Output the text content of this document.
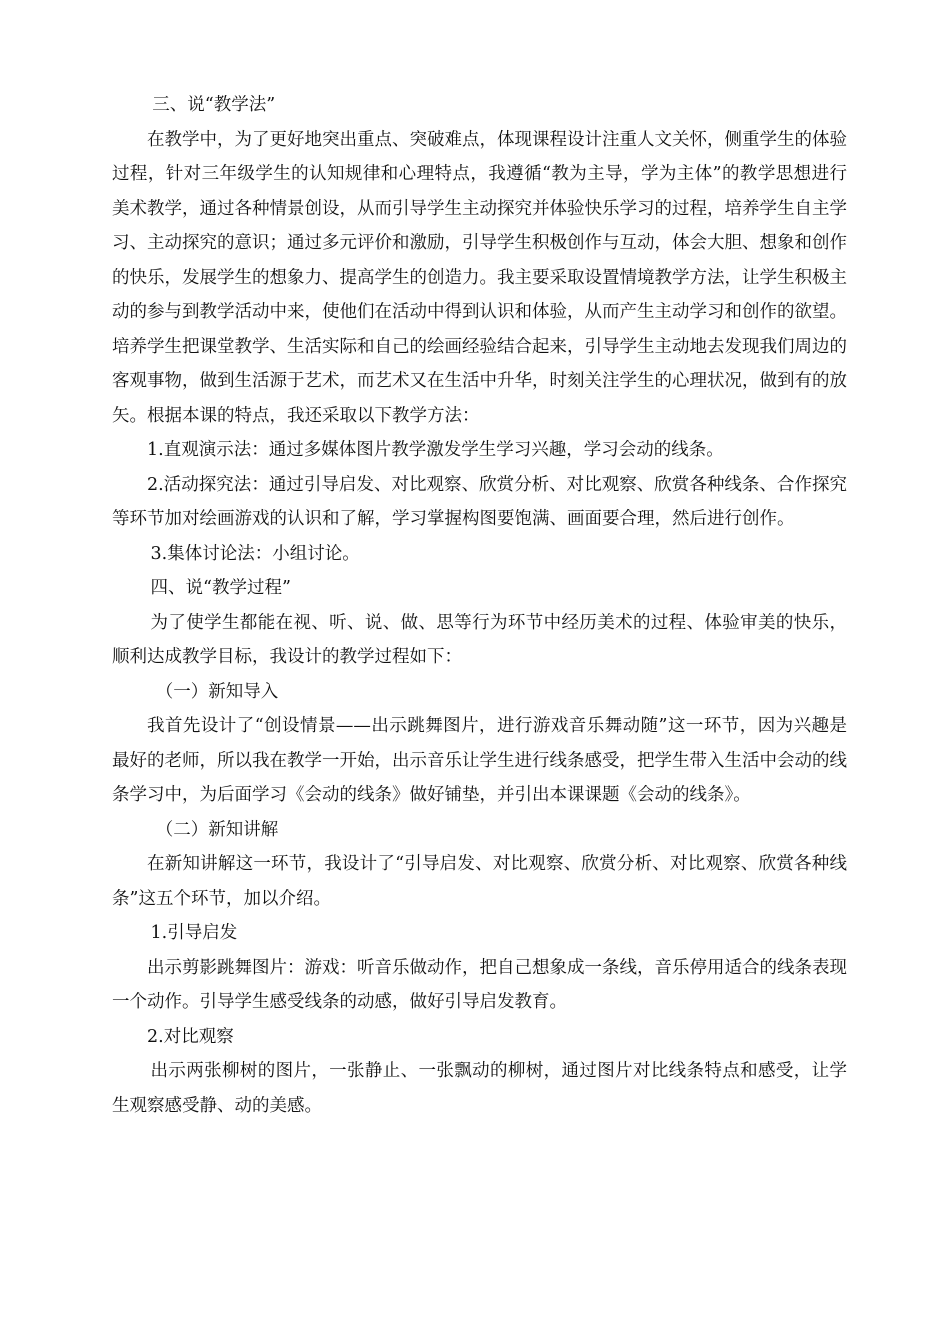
三、说“教学法”

在教学中，为了更好地突出重点、突破难点，体现课程设计注重人文关怀，侧重学生的体验过程，针对三年级学生的认知规律和心理特点，我遵循“教为主导，学为主体”的教学思想进行美术教学，通过各种情景创设，从而引导学生主动探究并体验快乐学习的过程，培养学生自主学习、主动探究的意识；通过多元评价和激励，引导学生积极创作与互动，体会大胆、想象和创作的快乐，发展学生的想象力、提高学生的创造力。我主要采取设置情境教学方法，让学生积极主动的参与到教学活动中来，使他们在活动中得到认识和体验，从而产生主动学习和创作的欲望。培养学生把课堂教学、生活实际和自己的绘画经验结合起来，引导学生主动地去发现我们周边的客观事物，做到生活源于艺术，而艺术又在生活中升华，时刻关注学生的心理状况，做到有的放矢。根据本课的特点，我还采取以下教学方法：

1.直观演示法：通过多媒体图片教学激发学生学习兴趣，学习会动的线条。

2.活动探究法：通过引导启发、对比观察、欣赏分析、对比观察、欣赏各种线条、合作探究等环节加对绘画游戏的认识和了解，学习掌握构图要饱满、画面要合理，然后进行创作。

3.集体讨论法：小组讨论。

四、说“教学过程”

为了使学生都能在视、听、说、做、思等行为环节中经历美术的过程、体验审美的快乐，顺利达成教学目标，我设计的教学过程如下：

（一）新知导入

我首先设计了“创设情景——出示跳舞图片，进行游戏音乐舞动随”这一环节，因为兴趣是最好的老师，所以我在教学一开始，出示音乐让学生进行线条感受，把学生带入生活中会动的线条学习中，为后面学习《会动的线条》做好铺垫，并引出本课课题《会动的线条》。

（二）新知讲解

在新知讲解这一环节，我设计了“引导启发、对比观察、欣赏分析、对比观察、欣赏各种线条”这五个环节，加以介绍。

1.引导启发

出示剪影跳舞图片：游戏：听音乐做动作，把自己想象成一条线，音乐停用适合的线条表现一个动作。引导学生感受线条的动感，做好引导启发教育。

2.对比观察

出示两张柳树的图片，一张静止、一张飘动的柳树，通过图片对比线条特点和感受，让学生观察感受静、动的美感。
